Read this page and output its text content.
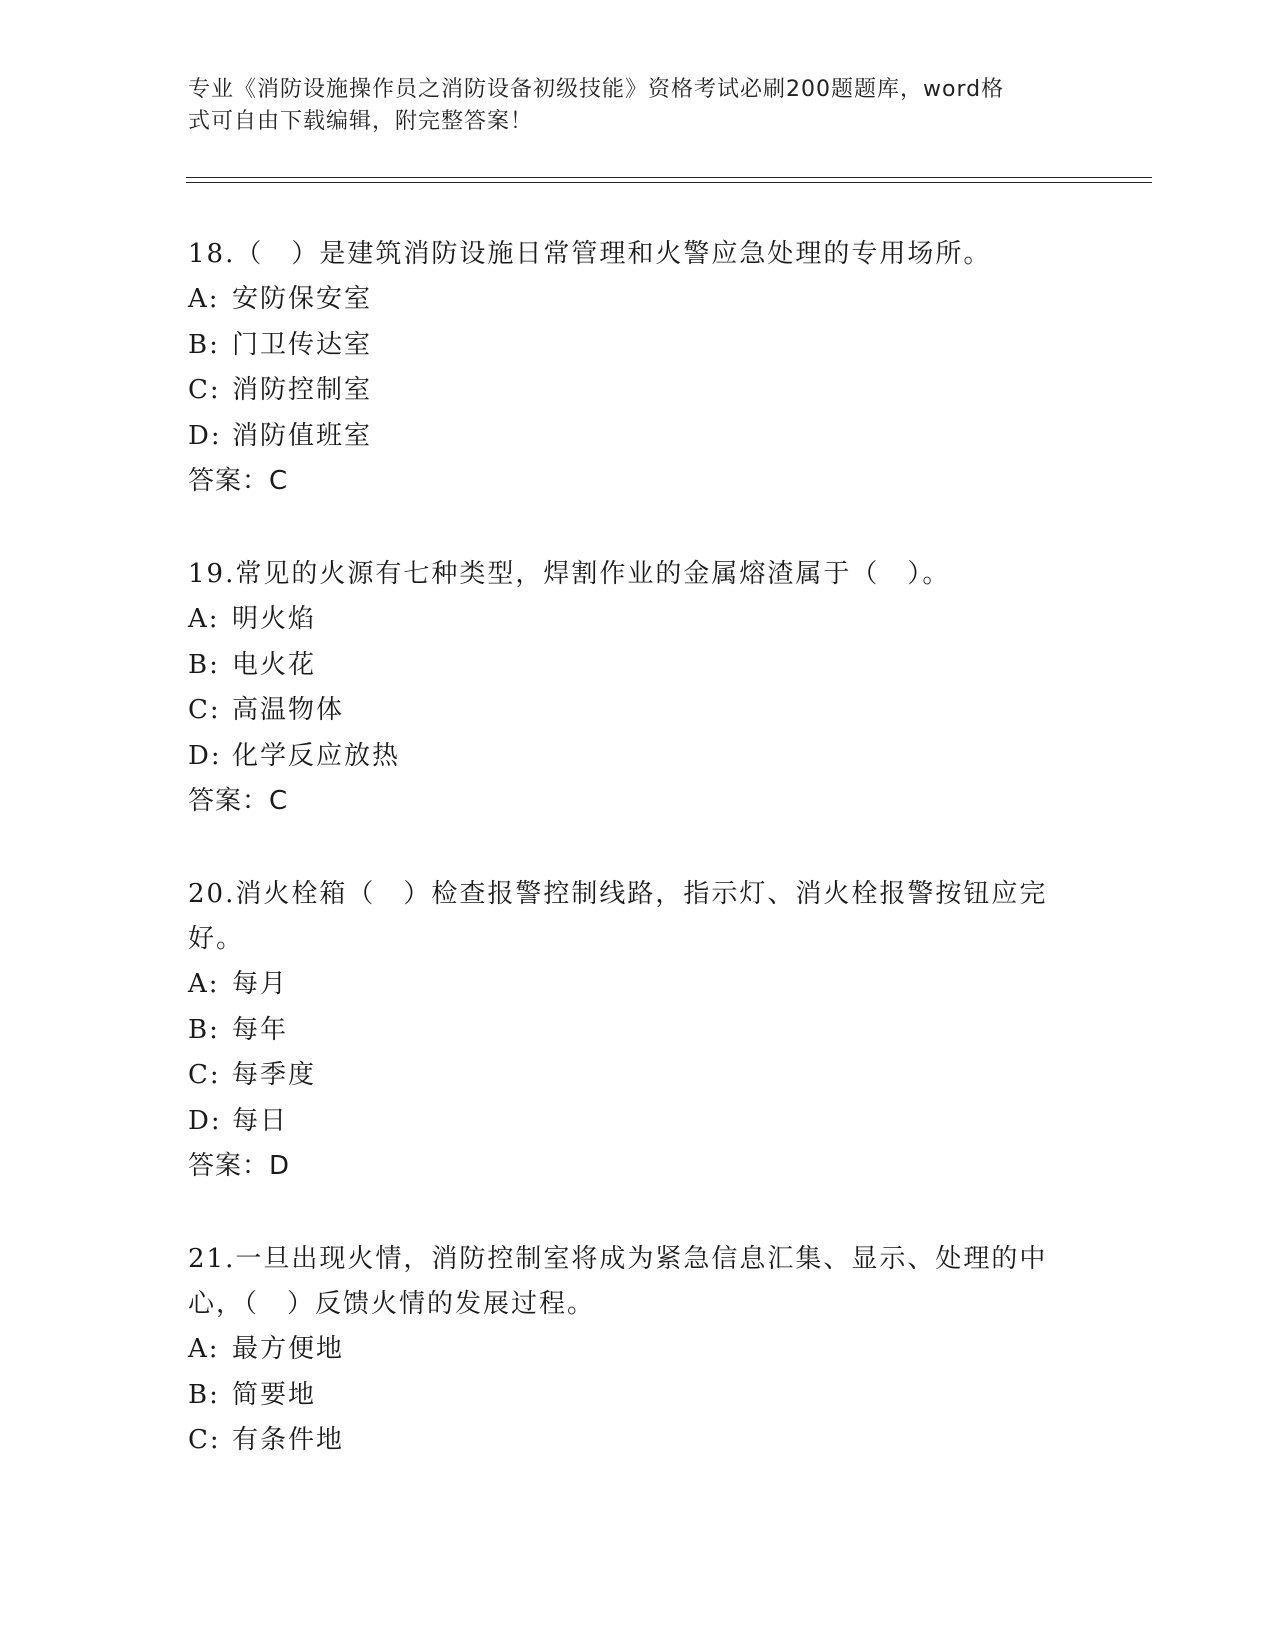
专业《消防设施操作员之消防设备初级技能》资格考试必刷200题题库，word格
式可自由下载编辑，附完整答案！

18.（　）是建筑消防设施日常管理和火警应急处理的专用场所。

A: 安防保安室

B: 门卫传达室

C: 消防控制室

D: 消防值班室

答案：C

19.常见的火源有七种类型，焊割作业的金属熔渣属于（　）。

A: 明火焰

B: 电火花

C: 高温物体

D: 化学反应放热

答案：C

20.消火栓箱（　）检查报警控制线路，指示灯、消火栓报警按钮应完好。

A: 每月

B: 每年

C: 每季度

D: 每日

答案：D

21.一旦出现火情，消防控制室将成为紧急信息汇集、显示、处理的中心，（　）反馈火情的发展过程。

A: 最方便地

B: 简要地

C: 有条件地
